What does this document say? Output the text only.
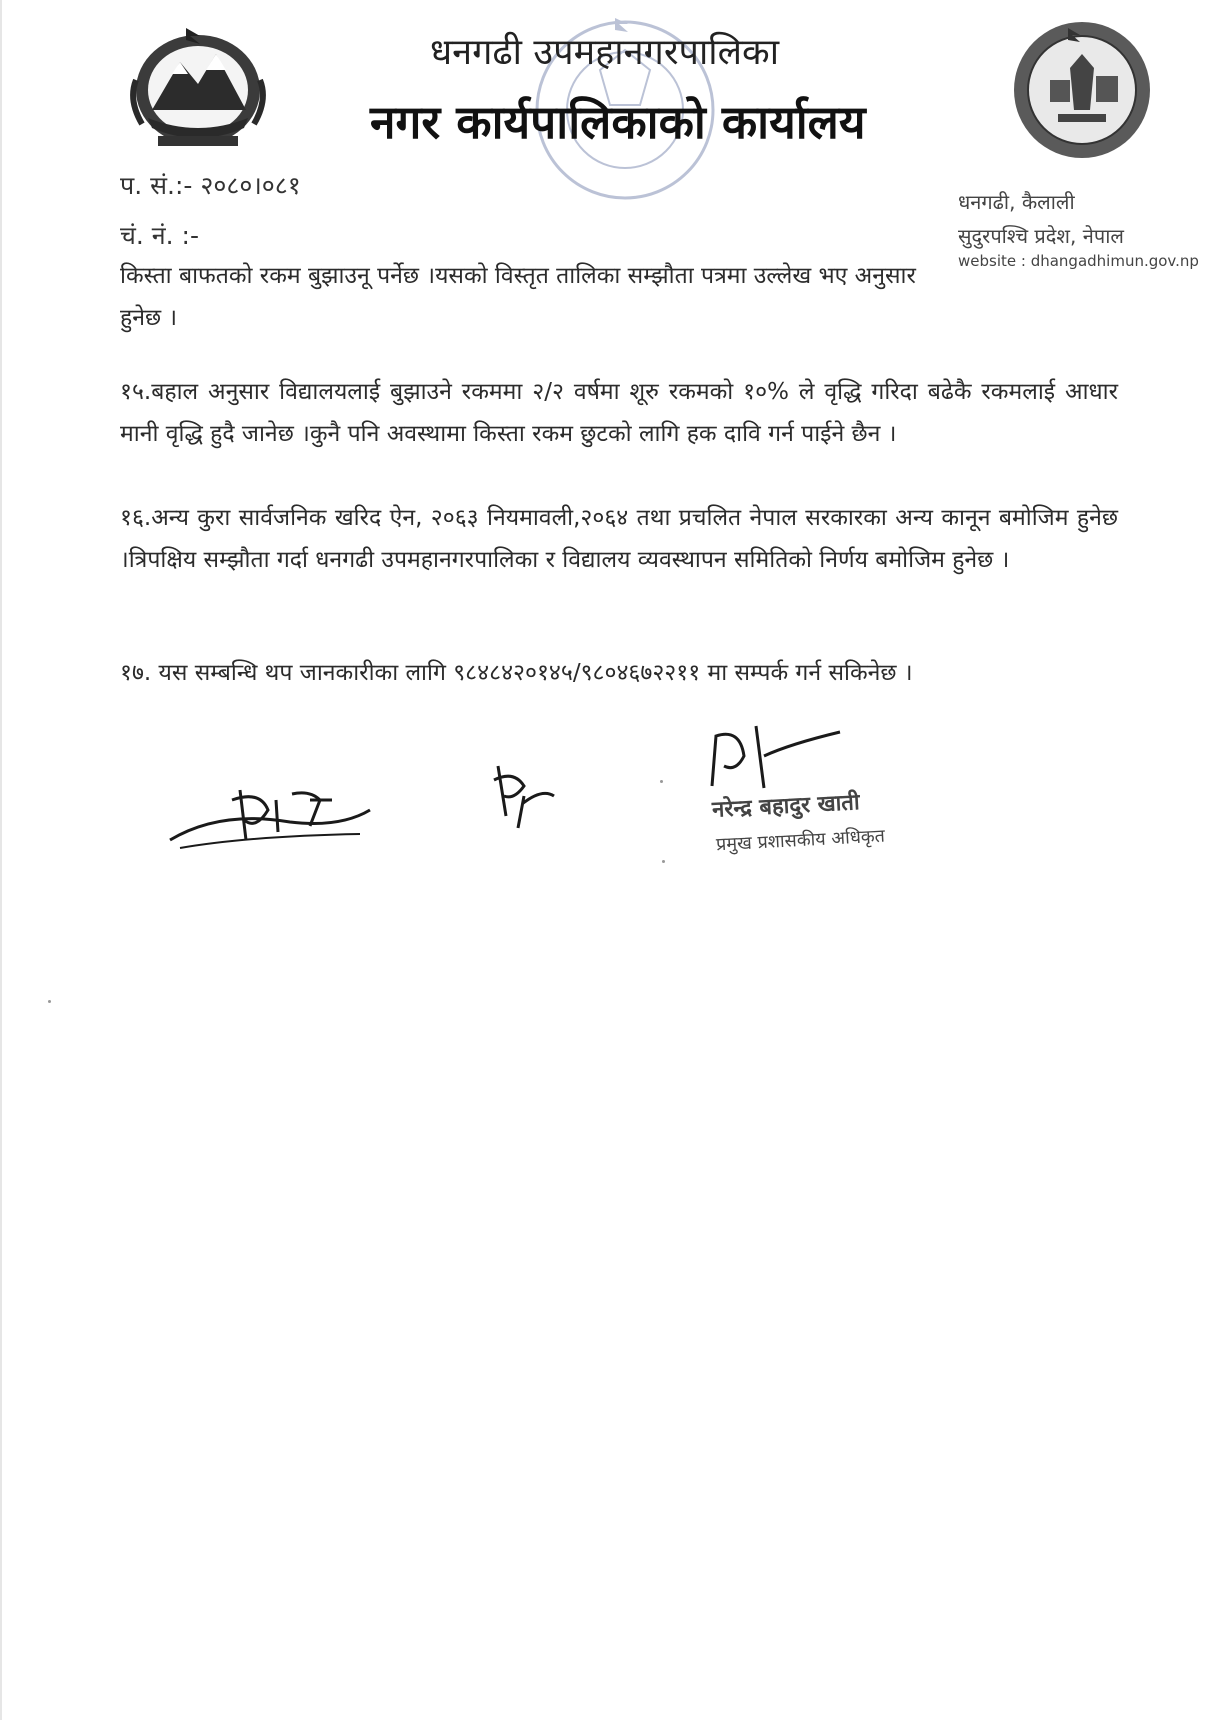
धनगढी उपमहानगरपालिका
नगर कार्यपालिकाको कार्यालय
प. सं.:- २०८०।०८१
चं. नं. :-
धनगढी, कैलाली
सुदुरपश्चि प्रदेश, नेपाल
website : dhangadhimun.gov.np
किस्ता बाफतको रकम बुझाउनू पर्नेछ ।यसको विस्तृत तालिका सम्झौता पत्रमा उल्लेख भए अनुसार
हुनेछ ।
१५.बहाल अनुसार विद्यालयलाई बुझाउने रकममा २/२ वर्षमा शूरु रकमको १०% ले वृद्धि गरिदा बढेकै रकमलाई आधार मानी वृद्धि हुदै जानेछ ।कुनै पनि अवस्थामा किस्ता रकम छुटको लागि हक दावि गर्न पाईने छैन ।
१६.अन्य कुरा सार्वजनिक खरिद ऐन, २०६३ नियमावली,२०६४ तथा प्रचलित नेपाल सरकारका अन्य कानून बमोजिम हुनेछ ।त्रिपक्षिय सम्झौता गर्दा धनगढी उपमहानगरपालिका र विद्यालय व्यवस्थापन समितिको निर्णय बमोजिम हुनेछ ।
१७. यस सम्बन्धि थप जानकारीका लागि ९८४८४२०१४५/९८०४६७२२११ मा सम्पर्क गर्न सकिनेछ ।
नरेन्द्र बहादुर खाती
प्रमुख प्रशासकीय अधिकृत
